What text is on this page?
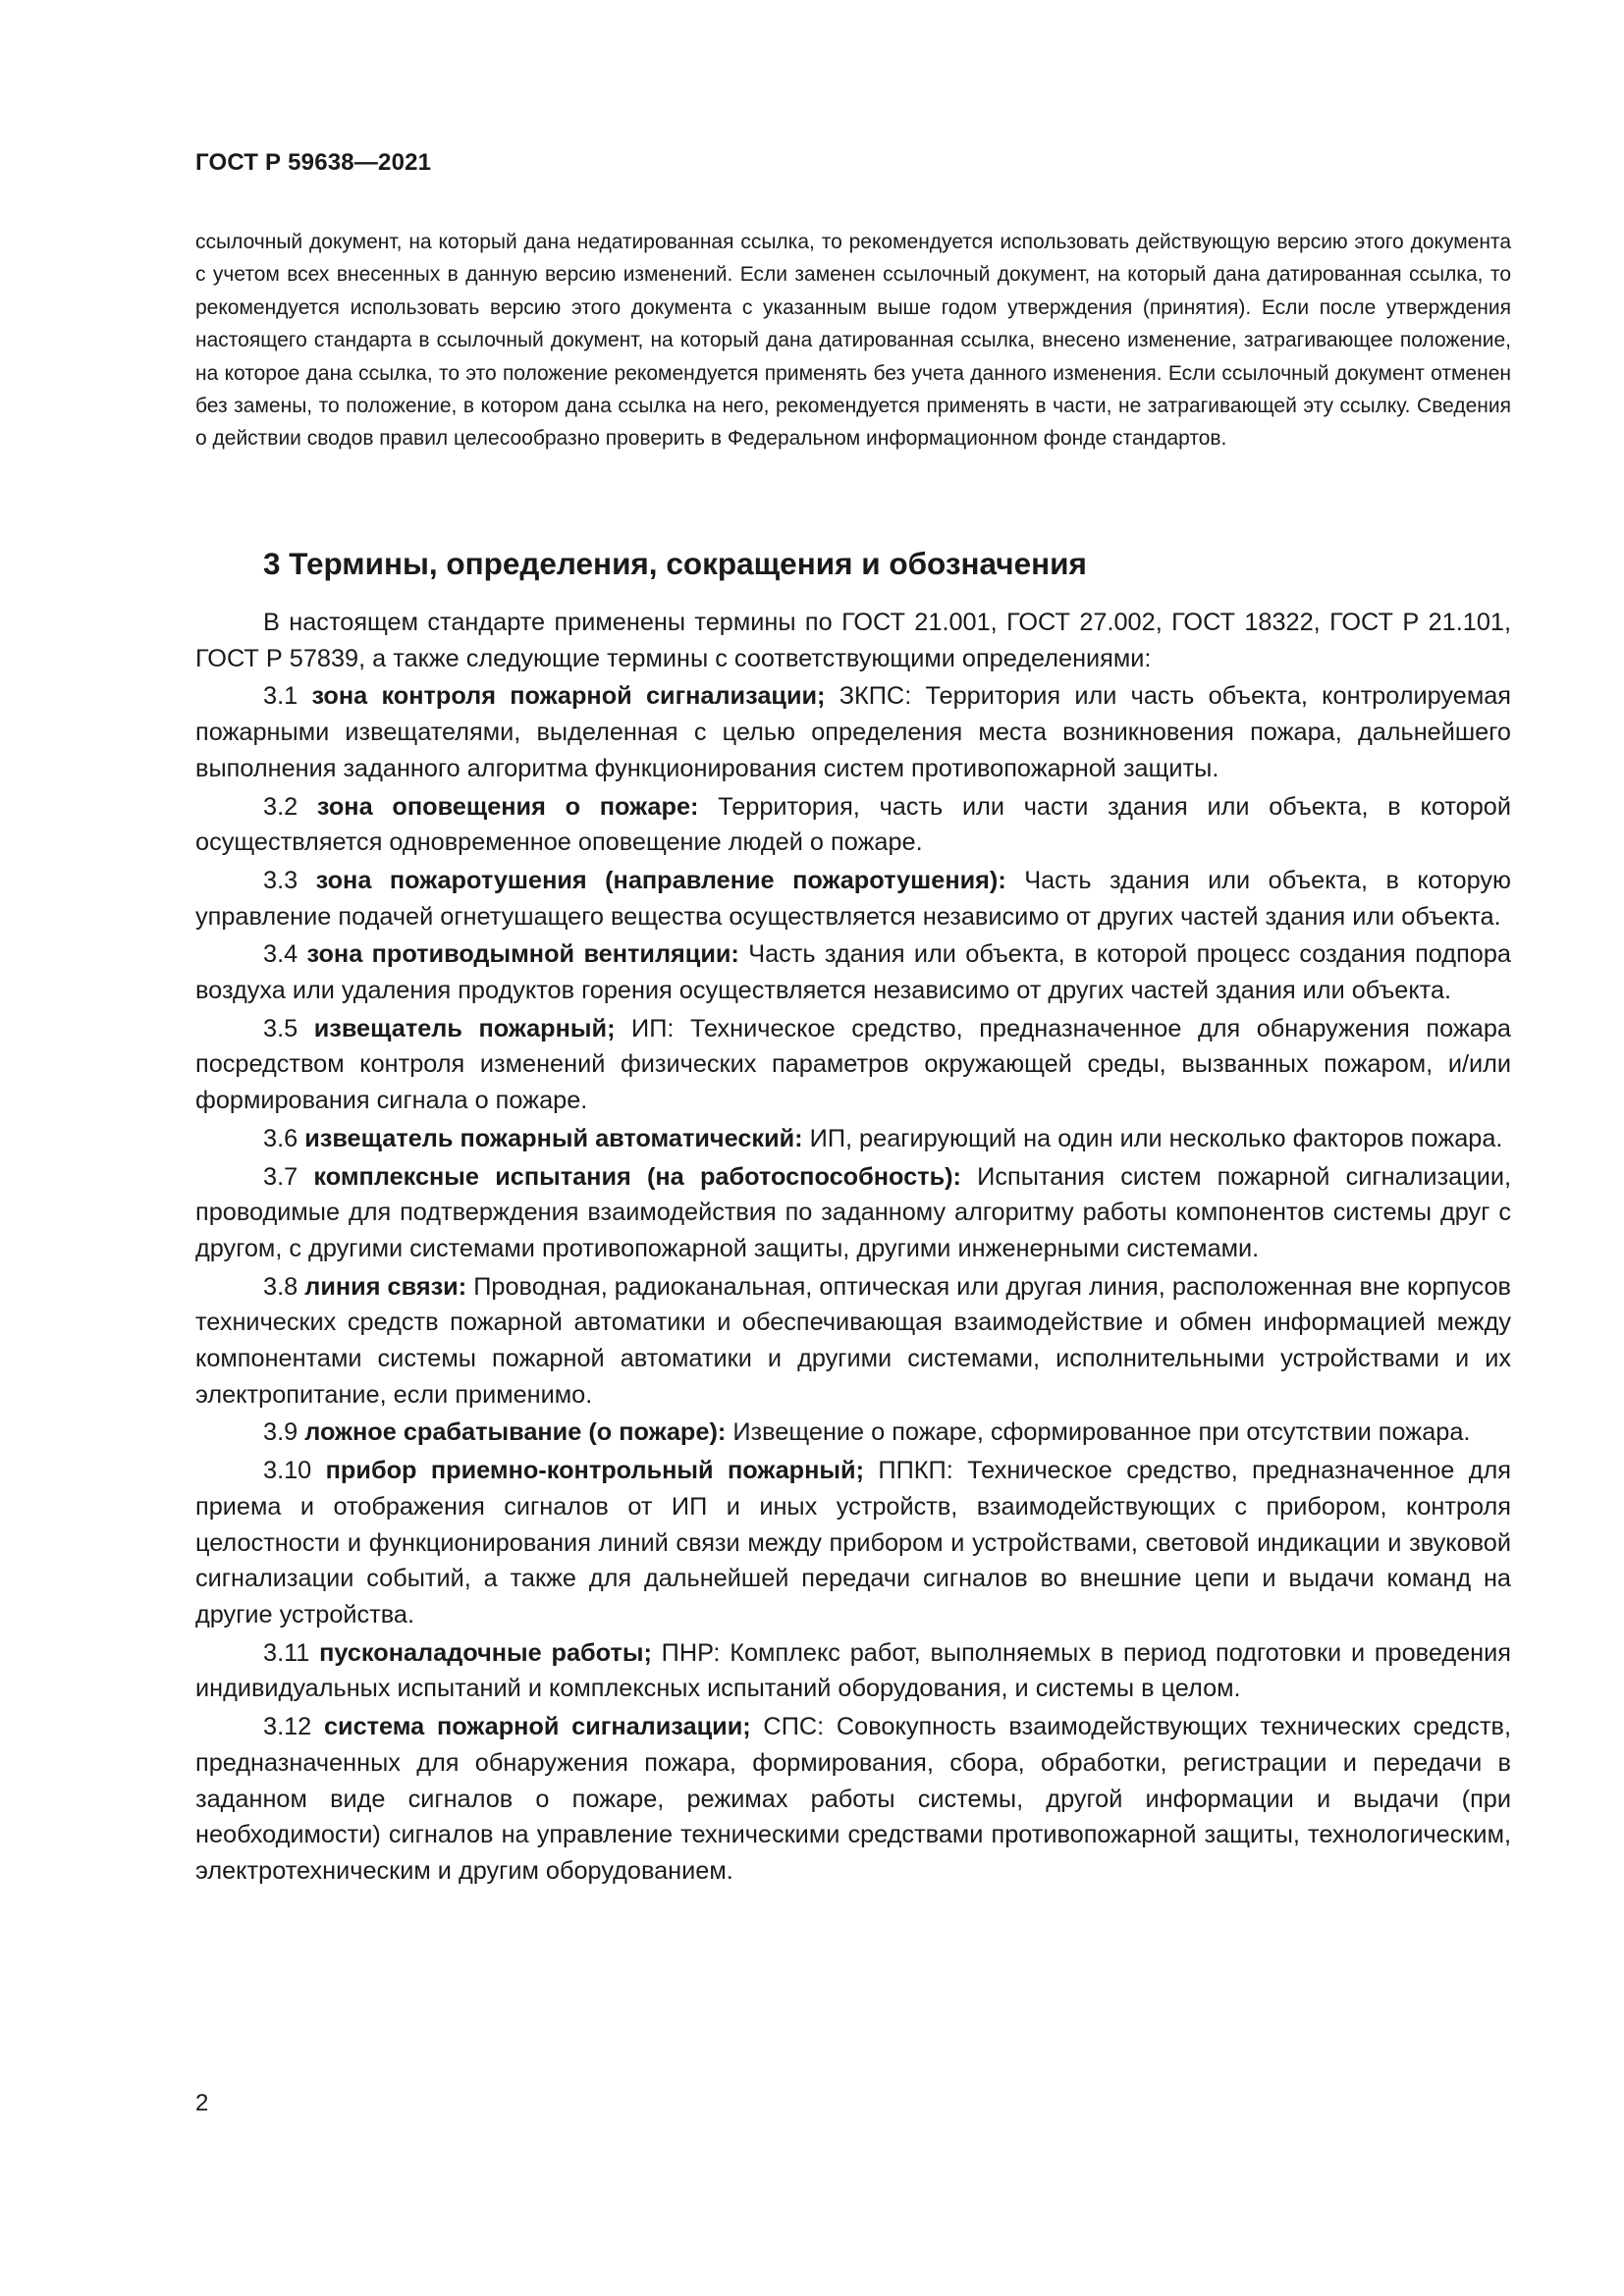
ГОСТ Р 59638—2021
ссылочный документ, на который дана недатированная ссылка, то рекомендуется использовать действующую версию этого документа с учетом всех внесенных в данную версию изменений. Если заменен ссылочный документ, на который дана датированная ссылка, то рекомендуется использовать версию этого документа с указанным выше годом утверждения (принятия). Если после утверждения настоящего стандарта в ссылочный документ, на который дана датированная ссылка, внесено изменение, затрагивающее положение, на которое дана ссылка, то это положение рекомендуется применять без учета данного изменения. Если ссылочный документ отменен без замены, то положение, в котором дана ссылка на него, рекомендуется применять в части, не затрагивающей эту ссылку. Сведения о действии сводов правил целесообразно проверить в Федеральном информационном фонде стандартов.
3 Термины, определения, сокращения и обозначения

В настоящем стандарте применены термины по ГОСТ 21.001, ГОСТ 27.002, ГОСТ 18322, ГОСТ Р 21.101, ГОСТ Р 57839, а также следующие термины с соответствующими определениями:

3.1 зона контроля пожарной сигнализации; ЗКПС: Территория или часть объекта, контролируемая пожарными извещателями, выделенная с целью определения места возникновения пожара, дальнейшего выполнения заданного алгоритма функционирования систем противопожарной защиты.

3.2 зона оповещения о пожаре: Территория, часть или части здания или объекта, в которой осуществляется одновременное оповещение людей о пожаре.

3.3 зона пожаротушения (направление пожаротушения): Часть здания или объекта, в которую управление подачей огнетушащего вещества осуществляется независимо от других частей здания или объекта.

3.4 зона противодымной вентиляции: Часть здания или объекта, в которой процесс создания подпора воздуха или удаления продуктов горения осуществляется независимо от других частей здания или объекта.

3.5 извещатель пожарный; ИП: Техническое средство, предназначенное для обнаружения пожара посредством контроля изменений физических параметров окружающей среды, вызванных пожаром, и/или формирования сигнала о пожаре.

3.6 извещатель пожарный автоматический: ИП, реагирующий на один или несколько факторов пожара.

3.7 комплексные испытания (на работоспособность): Испытания систем пожарной сигнализации, проводимые для подтверждения взаимодействия по заданному алгоритму работы компонентов системы друг с другом, с другими системами противопожарной защиты, другими инженерными системами.

3.8 линия связи: Проводная, радиоканальная, оптическая или другая линия, расположенная вне корпусов технических средств пожарной автоматики и обеспечивающая взаимодействие и обмен информацией между компонентами системы пожарной автоматики и другими системами, исполнительными устройствами и их электропитание, если применимо.

3.9 ложное срабатывание (о пожаре): Извещение о пожаре, сформированное при отсутствии пожара.

3.10 прибор приемно-контрольный пожарный; ППКП: Техническое средство, предназначенное для приема и отображения сигналов от ИП и иных устройств, взаимодействующих с прибором, контроля целостности и функционирования линий связи между прибором и устройствами, световой индикации и звуковой сигнализации событий, а также для дальнейшей передачи сигналов во внешние цепи и выдачи команд на другие устройства.

3.11 пусконаладочные работы; ПНР: Комплекс работ, выполняемых в период подготовки и проведения индивидуальных испытаний и комплексных испытаний оборудования, и системы в целом.

3.12 система пожарной сигнализации; СПС: Совокупность взаимодействующих технических средств, предназначенных для обнаружения пожара, формирования, сбора, обработки, регистрации и передачи в заданном виде сигналов о пожаре, режимах работы системы, другой информации и выдачи (при необходимости) сигналов на управление техническими средствами противопожарной защиты, технологическим, электротехническим и другим оборудованием.

2
